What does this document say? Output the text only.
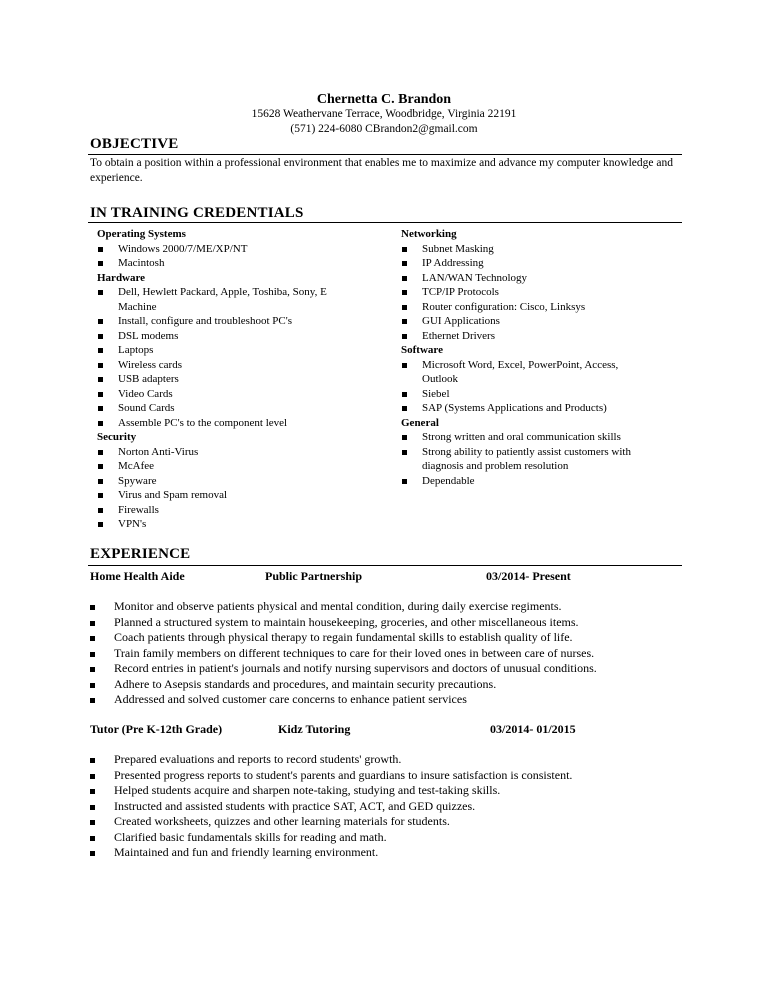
Chernetta C. Brandon
15628 Weathervane Terrace, Woodbridge, Virginia 22191
(571) 224-6080 CBrandon2@gmail.com
OBJECTIVE
To obtain a position within a professional environment that enables me to maximize and advance my computer knowledge and experience.
IN TRAINING CREDENTIALS
Operating Systems
Windows 2000/7/ME/XP/NT
Macintosh
Hardware
Dell, Hewlett Packard, Apple, Toshiba, Sony, E Machine
Install, configure and troubleshoot PC's
DSL modems
Laptops
Wireless cards
USB adapters
Video Cards
Sound Cards
Assemble PC's to the component level
Security
Norton Anti-Virus
McAfee
Spyware
Virus and Spam removal
Firewalls
VPN's
Networking
Subnet Masking
IP Addressing
LAN/WAN Technology
TCP/IP Protocols
Router configuration: Cisco, Linksys
GUI Applications
Ethernet Drivers
Software
Microsoft Word, Excel, PowerPoint, Access, Outlook
Siebel
SAP (Systems Applications and Products)
General
Strong written and oral communication skills
Strong ability to patiently assist customers with diagnosis and problem resolution
Dependable
EXPERIENCE
Home Health Aide	Public Partnership	03/2014- Present
Monitor and observe patients physical and mental condition, during daily exercise regiments.
Planned a structured system to maintain housekeeping, groceries, and other miscellaneous items.
Coach patients through physical therapy to regain fundamental skills to establish quality of life.
Train family members on different techniques to care for their loved ones in between care of nurses.
Record entries in patient's journals and notify nursing supervisors and doctors of unusual conditions.
Adhere to Asepsis standards and procedures, and maintain security precautions.
Addressed and solved customer care concerns to enhance patient services
Tutor (Pre K-12th Grade)	Kidz Tutoring	03/2014- 01/2015
Prepared evaluations and reports to record students' growth.
Presented progress reports to student's parents and guardians to insure satisfaction is consistent.
Helped students acquire and sharpen note-taking, studying and test-taking skills.
Instructed and assisted students with practice SAT, ACT, and GED quizzes.
Created worksheets, quizzes and other learning materials for students.
Clarified basic fundamentals skills for reading and math.
Maintained and fun and friendly learning environment.
